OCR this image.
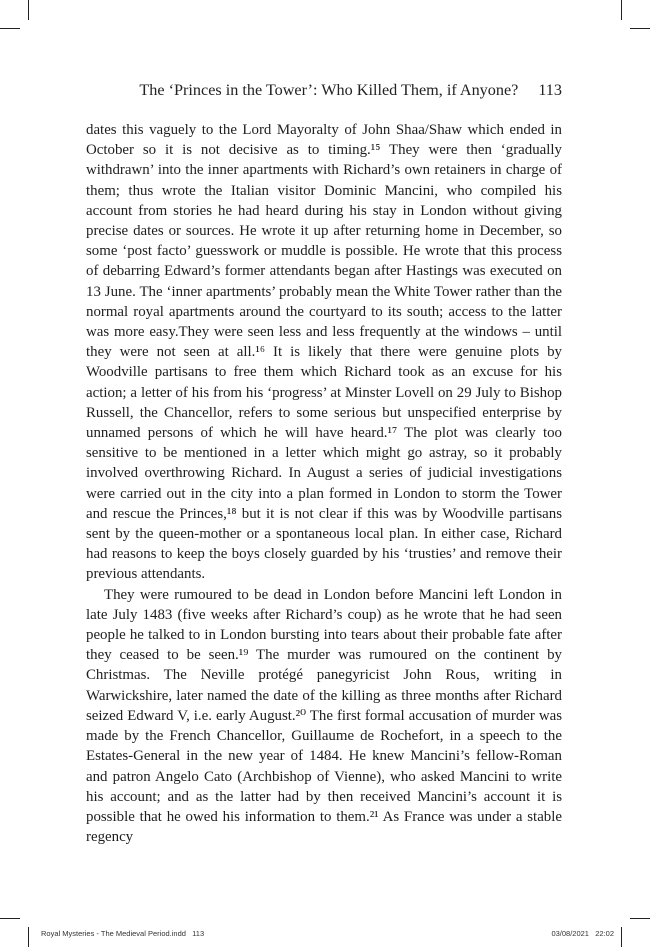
The ‘Princes in the Tower’: Who Killed Them, if Anyone? 113

dates this vaguely to the Lord Mayoralty of John Shaa/Shaw which ended in October so it is not decisive as to timing.¹⁵ They were then ‘gradually withdrawn’ into the inner apartments with Richard’s own retainers in charge of them; thus wrote the Italian visitor Dominic Mancini, who compiled his account from stories he had heard during his stay in London without giving precise dates or sources. He wrote it up after returning home in December, so some ‘post facto’ guesswork or muddle is possible. He wrote that this process of debarring Edward’s former attendants began after Hastings was executed on 13 June. The ‘inner apartments’ probably mean the White Tower rather than the normal royal apartments around the courtyard to its south; access to the latter was more easy.They were seen less and less frequently at the windows – until they were not seen at all.¹⁶ It is likely that there were genuine plots by Woodville partisans to free them which Richard took as an excuse for his action; a letter of his from his ‘progress’ at Minster Lovell on 29 July to Bishop Russell, the Chancellor, refers to some serious but unspecified enterprise by unnamed persons of which he will have heard.¹⁷ The plot was clearly too sensitive to be mentioned in a letter which might go astray, so it probably involved overthrowing Richard. In August a series of judicial investigations were carried out in the city into a plan formed in London to storm the Tower and rescue the Princes,¹⁸ but it is not clear if this was by Woodville partisans sent by the queen-mother or a spontaneous local plan. In either case, Richard had reasons to keep the boys closely guarded by his ‘trusties’ and remove their previous attendants.

They were rumoured to be dead in London before Mancini left London in late July 1483 (five weeks after Richard’s coup) as he wrote that he had seen people he talked to in London bursting into tears about their probable fate after they ceased to be seen.¹⁹ The murder was rumoured on the continent by Christmas. The Neville protégé panegyricist John Rous, writing in Warwickshire, later named the date of the killing as three months after Richard seized Edward V, i.e. early August.²⁰ The first formal accusation of murder was made by the French Chancellor, Guillaume de Rochefort, in a speech to the Estates-General in the new year of 1484. He knew Mancini’s fellow-Roman and patron Angelo Cato (Archbishop of Vienne), who asked Mancini to write his account; and as the latter had by then received Mancini’s account it is possible that he owed his information to them.²¹ As France was under a stable regency

Royal Mysteries - The Medieval Period.indd   113	03/08/2021   22:02
